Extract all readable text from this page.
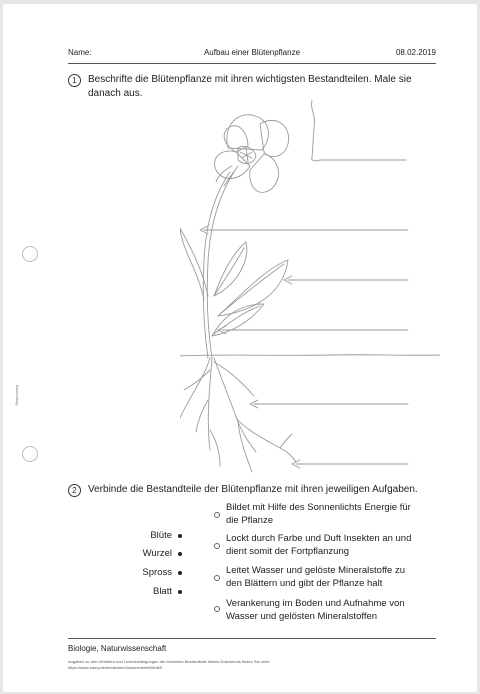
Name:	Aufbau einer Blütenpflanze	08.02.2019
Sterposnmy
1	Beschrifte die Blütenpflanze mit ihren wichtigsten Bestandteilen. Male sie
danach aus.
2	Verbinde die Bestandteile der Blütenpflanze mit ihren jeweiligen Aufgaben.
Blüte
Wurzel
Spross
Blatt
Bildet mit Hilfe des Sonnenlichts Energie für
die Pflanze
Lockt durch Farbe und Duft Insekten an und
dient somit der Fortpflanzung
Leitet Wasser und gelöste Mineralstoffe zu
den Blättern und gibt der Pflanze halt
Verankerung im Boden und Aufnahme von
Wasser und gelösten Mineralstoffen
Biologie, Naturwissenschaft
Angaben zu den Urhebern und Lizenzbedingungen der einzelnen Bestandteile dieses Dokuments finden Sie unter
https://www.tutory.de/entdecken/dokument/e690ed69
